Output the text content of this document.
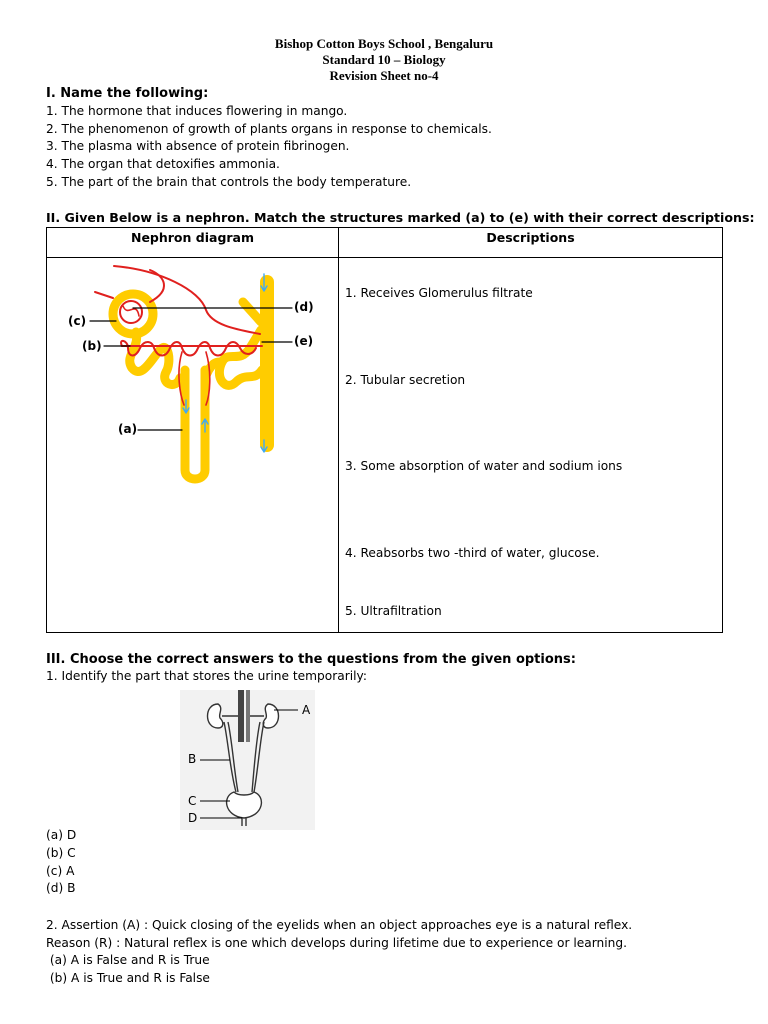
Bishop Cotton Boys School , Bengaluru
Standard 10 – Biology
Revision Sheet no-4
I. Name the following:
1. The hormone that induces flowering in mango.
2. The phenomenon of growth of plants organs in response to chemicals.
3. The plasma with absence of protein fibrinogen.
4. The organ that detoxifies ammonia.
5. The part of the brain that controls the body temperature.
II. Given Below is a nephron. Match the structures marked (a) to (e) with their correct descriptions:
Nephron diagram	Descriptions

(d)
(e)
(c)
(b)
(a)
1. Receives Glomerulus filtrate
2. Tubular secretion
3. Some absorption of water and sodium ions
4. Reabsorbs two -third of water, glucose.
5. Ultrafiltration
III. Choose the correct answers to the questions from the given options:
1. Identify the part that stores the urine temporarily:
A
B
C
D
(a) D
(b) C
(c) A
(d) B
2. Assertion (A) : Quick closing of the eyelids when an object approaches eye is a natural reflex.
Reason (R) : Natural reflex is one which develops during lifetime due to experience or learning.
(a) A is False and R is True
(b) A is True and R is False
